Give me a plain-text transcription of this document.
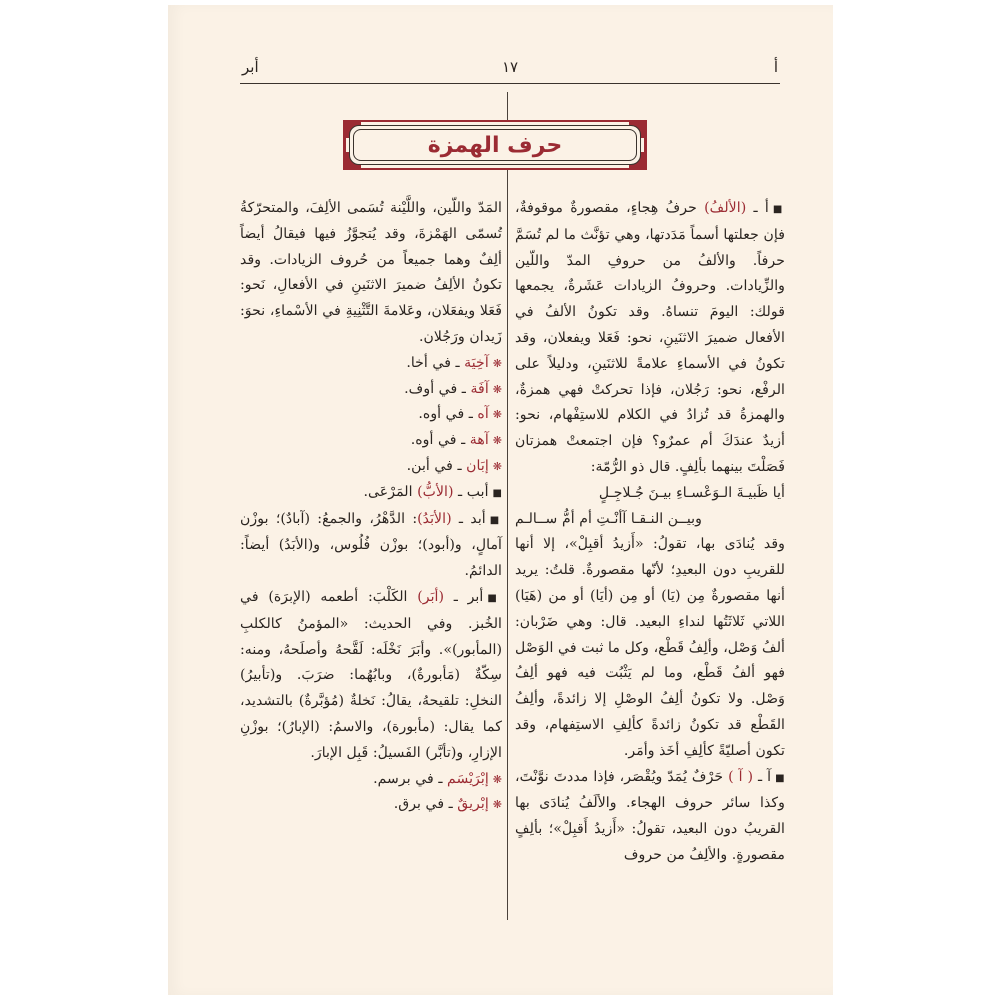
أ
١٧
أبر
حرف الهمزة

■أ ـ (الألفُ) حرفُ هِجاءٍ، مقصورةٌ موقوفةٌ، فإن جعلتها أسماً مَدَدتها، وهي تؤنَّث ما لم تُسَمَّ حرفاً. والألفُ من حروفِ المدّ واللّين والزِّيادات. وحروفُ الزيادات عَشَرةٌ، يجمعها قولك: اليومَ تنساهُ. وقد تكونُ الألفُ في الأفعال ضميرَ الاثنَينِ، نحو: فَعَلا ويفعلان، وقد تكونُ في الأسماءِ علامةً للاثنَينِ، ودليلاً على الرفْع، نحو: رَجُلان، فإذا تحركتْ فهي همزةٌ، والهمزةُ قد تُزادُ في الكلام للاستِفْهام، نحو: أزيدٌ عندَكَ أم عمرٌو؟ فإن اجتمعتْ همزتان فَصَلْتَ بينهما بألِفٍ. قال ذو الرُّمّة:

أيا ظَبيـةَ الـوَعْسـاءِ بيـنَ جُـلاجِـلٍ

وبيــن النـقـا آأنْـتِ أم أمُّ ســالـم

وقد يُنادَى بها، تقولُ: «أَزيدُ أقبِلْ»، إلا أنها للقريبِ دون البعيدِ؛ لأنّها مقصورةٌ. قلتُ: يريد أنها مقصورةٌ مِن (يَا) أو مِن (أيَا) أو من (هَيَا) اللاتي ثَلاثَتُها لنداءِ البعيد. قال: وهي ضَرْبان: ألفُ وَصْل، وألِفُ قَطْع، وكل ما ثبت في الوَصْل فهو ألفُ قَطْع، وما لم يَثْبُت فيه فهو ألِفُ وَصْل. ولا تكونُ ألِفُ الوصْلِ إلا زائدةً، وألِفُ القَطْع قد تكونُ زائدةً كألِفِ الاستِفهام، وقد تكون أصليّةً كألِفِ أخَذ وأمَر.

■آ ـ ( آ ) حَرْفٌ يُمَدّ ويُقْصَر، فإذا مددتَ نوَّنْتَ، وكذا سائر حروف الهجاء. والألَفُ يُنادَى بها القريبُ دون البعيد، تقولُ: «أَزيدُ أَقبِلْ»؛ بألِفٍ مقصورةٍ. والألِفُ من حروف

المَدّ واللّين، واللَّيْنة تُسَمى الألِفَ، والمتحرّكةُ تُسمّى الهَمْزةَ، وقد يُتجوَّزُ فيها فيقالُ أيضاً ألِفٌ وهما جميعاً من حُروف الزيادات. وقد تكونُ الألِفُ ضميرَ الاثنَينِ في الأفعالِ، نَحو: فَعَلا ويفعَلان، وعَلامةَ التَّثْنِيةِ في الأسْماءِ، نحوَ: زَيدان ورَجُلان.

❋آخِيَة ـ في أخا.

❋آفَة ـ في أوف.

❋آه ـ في أوه.

❋آهة ـ في أوه.

❋إبَان ـ في أبن.

■أبب ـ (الأبُّ) المَرْعَى.

■أبد ـ (الأبَدُ): الدَّهْرُ، والجمعُ: (آبادٌ)؛ بوزْن آمالٍ، و(أبود)؛ بوزْن فُلُوس، و(الأبَدُ) أيضاً: الدائمُ.

■أبر ـ (أبَر) الكَلْبَ: أطعمه (الإبرَة) في الخُبز. وفي الحديث: «المؤمنُ كالكلبِ (المأبور)». وأبَرَ نَخْلَه: لَقَّحهُ وأصلَحهُ، ومنه: سِكّةٌ (مَأبورةٌ)، وبابُهُما: ضرَبَ. و(تأبيرُ) النخلِ: تلقيحهُ، يقالُ: نَخلةٌ (مُؤبَّرةٌ) بالتشديد، كما يقال: (مأبورة)، والاسمُ: (الإبارُ)؛ بوزْنِ الإزارِ، و(تأبَّر) الفَسيلُ: قَبِل الإبارَ.

❋إبْرَيْسَم ـ في برسم.

❋إبْريقٌ ـ في برق.
